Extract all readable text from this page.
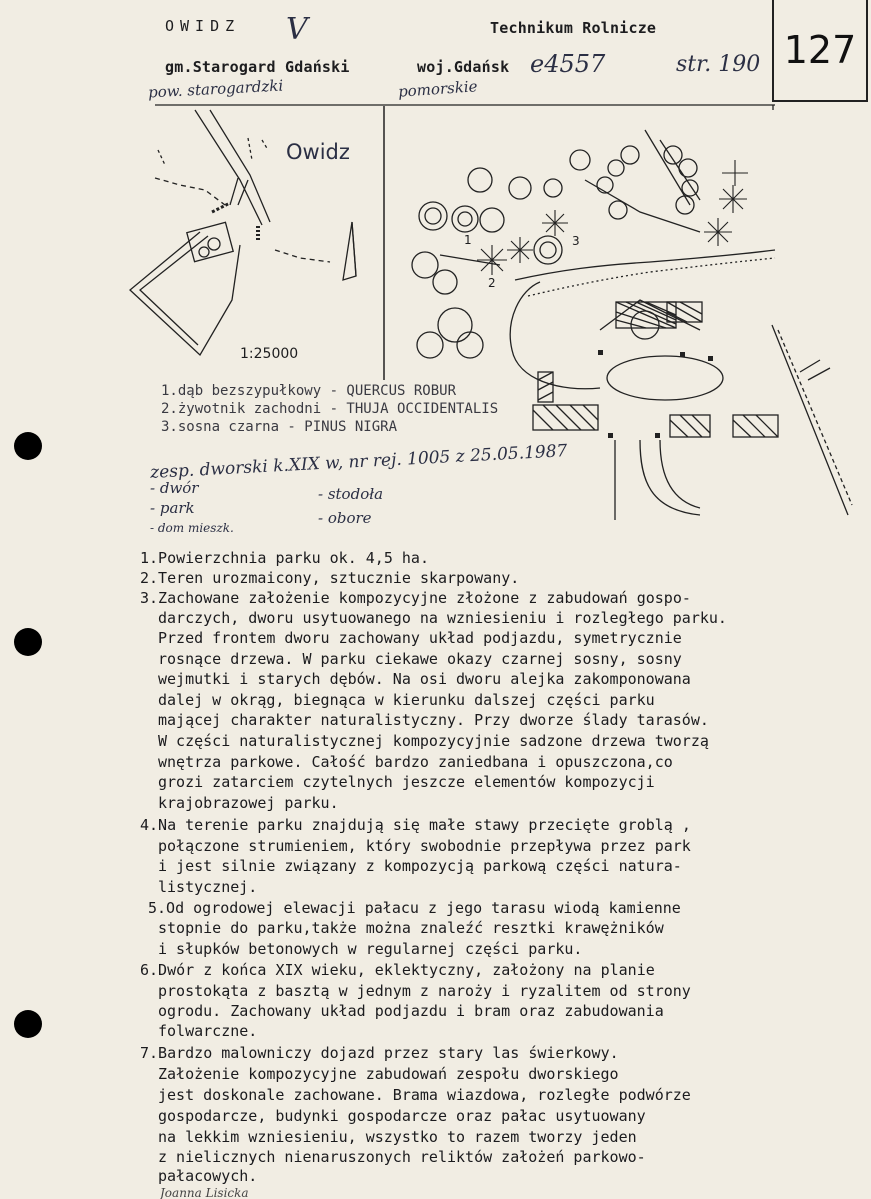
OWIDZ V	Technikum Rolnicze	127
gm.Starogard Gdański	woj.Gdańsk e4557	str. 190
pow. starogardzki	pomorskie
Owidz
1:25000
1
2
3
1.dąb bezszypułkowy - QUERCUS ROBUR
2.żywotnik zachodni - THUJA OCCIDENTALIS
3.sosna czarna - PINUS NIGRA
zesp. dworski k.XIX w, nr rej. 1005 z 25.05.1987
- dwór
- park
- dom mieszk.
- stodoła
- obore
1.Powierzchnia parku ok. 4,5 ha.
2.Teren urozmaicony, sztucznie skarpowany.
3.Zachowane założenie kompozycyjne złożone z zabudowań gospo-
darczych, dworu usytuowanego na wzniesieniu i rozległego parku.
Przed frontem dworu zachowany układ podjazdu, symetrycznie
rosnące drzewa. W parku ciekawe okazy czarnej sosny, sosny
wejmutki i starych dębów. Na osi dworu alejka zakomponowana
dalej w okrąg, biegnąca w kierunku dalszej części parku
mającej charakter naturalistyczny. Przy dworze ślady tarasów.
W części naturalistycznej kompozycyjnie sadzone drzewa tworzą
wnętrza parkowe. Całość bardzo zaniedbana i opuszczona,co
grozi zatarciem czytelnych jeszcze elementów kompozycji
krajobrazowej parku.
4.Na terenie parku znajdują się małe stawy przecięte groblą ,
połączone strumieniem, który swobodnie przepływa przez park
i jest silnie związany z kompozycją parkową części natura-
listycznej.
5.Od ogrodowej elewacji pałacu z jego tarasu wiodą kamienne
stopnie do parku,także można znaleźć resztki krawężników
i słupków betonowych w regularnej części parku.
6.Dwór z końca XIX wieku, eklektyczny, założony na planie
prostokąta z basztą w jednym z naroży i ryzalitem od strony
ogrodu. Zachowany układ podjazdu i bram oraz zabudowania
folwarczne.
7.Bardzo malowniczy dojazd przez stary las świerkowy.
Założenie kompozycyjne zabudowań zespołu dworskiego
jest doskonale zachowane. Brama wiazdowa, rozległe podwórze
gospodarcze, budynki gospodarcze oraz pałac usytuowany
na lekkim wzniesieniu, wszystko to razem tworzy jeden
z nielicznych nienaruszonych reliktów założeń parkowo-
pałacowych.
Joanna Lisicka
